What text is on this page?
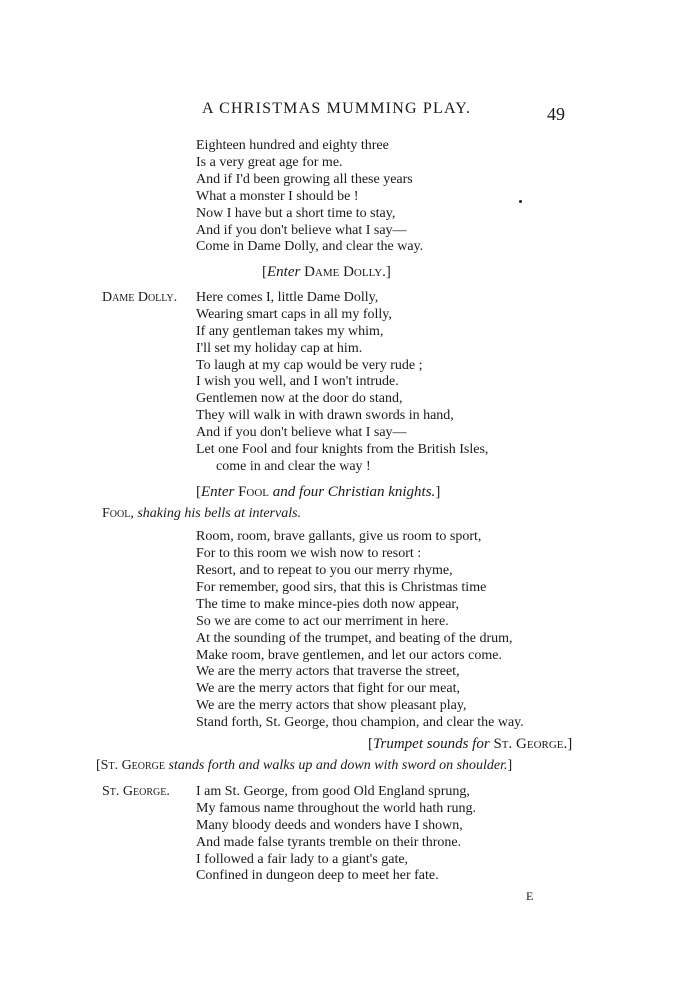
A CHRISTMAS MUMMING PLAY.	49
Eighteen hundred and eighty three
Is a very great age for me.
And if I'd been growing all these years
What a monster I should be !
Now I have but a short time to stay,
And if you don't believe what I say—
Come in Dame Dolly, and clear the way.
[Enter Dame Dolly.]
Dame Dolly. Here comes I, little Dame Dolly,
Wearing smart caps in all my folly,
If any gentleman takes my whim,
I'll set my holiday cap at him.
To laugh at my cap would be very rude ;
I wish you well, and I won't intrude.
Gentlemen now at the door do stand,
They will walk in with drawn swords in hand,
And if you don't believe what I say—
Let one Fool and four knights from the British Isles,
come in and clear the way !
[Enter Fool and four Christian knights.]
Fool, shaking his bells at intervals.
Room, room, brave gallants, give us room to sport,
For to this room we wish now to resort :
Resort, and to repeat to you our merry rhyme,
For remember, good sirs, that this is Christmas time
The time to make mince-pies doth now appear,
So we are come to act our merriment in here.
At the sounding of the trumpet, and beating of the drum,
Make room, brave gentlemen, and let our actors come.
We are the merry actors that traverse the street,
We are the merry actors that fight for our meat,
We are the merry actors that show pleasant play,
Stand forth, St. George, thou champion, and clear the way.
[Trumpet sounds for St. George.]
[St. George stands forth and walks up and down with sword on shoulder.]
St. George. I am St. George, from good Old England sprung,
My famous name throughout the world hath rung.
Many bloody deeds and wonders have I shown,
And made false tyrants tremble on their throne.
I followed a fair lady to a giant's gate,
Confined in dungeon deep to meet her fate.
E
